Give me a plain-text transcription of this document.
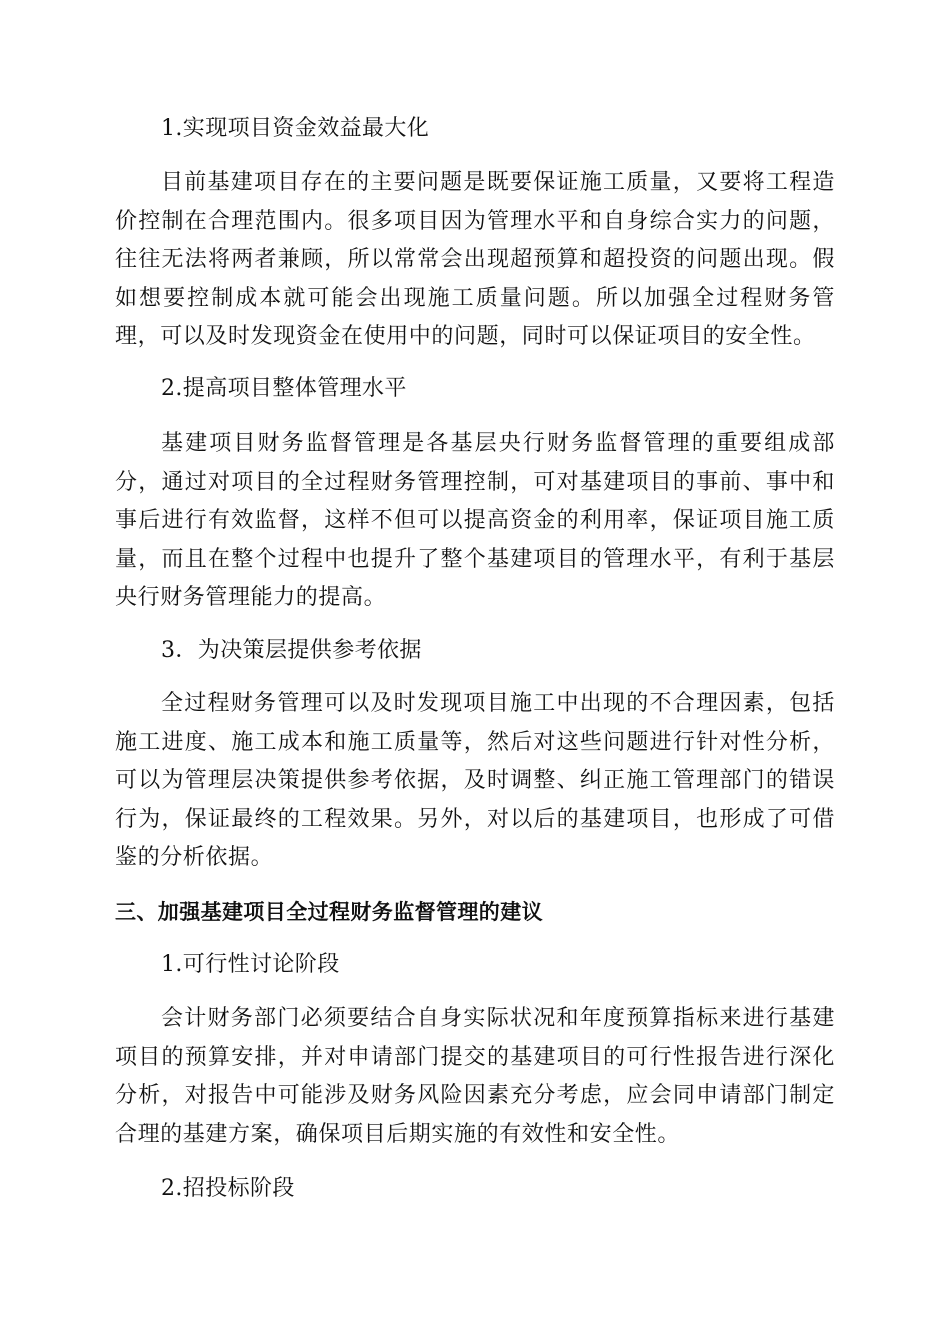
1.实现项目资金效益最大化

目前基建项目存在的主要问题是既要保证施工质量，又要将工程造价控制在合理范围内。很多项目因为管理水平和自身综合实力的问题，往往无法将两者兼顾，所以常常会出现超预算和超投资的问题出现。假如想要控制成本就可能会出现施工质量问题。所以加强全过程财务管理，可以及时发现资金在使用中的问题，同时可以保证项目的安全性。

2.提高项目整体管理水平

基建项目财务监督管理是各基层央行财务监督管理的重要组成部分，通过对项目的全过程财务管理控制，可对基建项目的事前、事中和事后进行有效监督，这样不但可以提高资金的利用率，保证项目施工质量，而且在整个过程中也提升了整个基建项目的管理水平，有利于基层央行财务管理能力的提高。

3．为决策层提供参考依据

全过程财务管理可以及时发现项目施工中出现的不合理因素，包括施工进度、施工成本和施工质量等，然后对这些问题进行针对性分析，可以为管理层决策提供参考依据，及时调整、纠正施工管理部门的错误行为，保证最终的工程效果。另外，对以后的基建项目，也形成了可借鉴的分析依据。

三、加强基建项目全过程财务监督管理的建议

1.可行性讨论阶段

会计财务部门必须要结合自身实际状况和年度预算指标来进行基建项目的预算安排，并对申请部门提交的基建项目的可行性报告进行深化分析，对报告中可能涉及财务风险因素充分考虑，应会同申请部门制定合理的基建方案，确保项目后期实施的有效性和安全性。

2.招投标阶段
